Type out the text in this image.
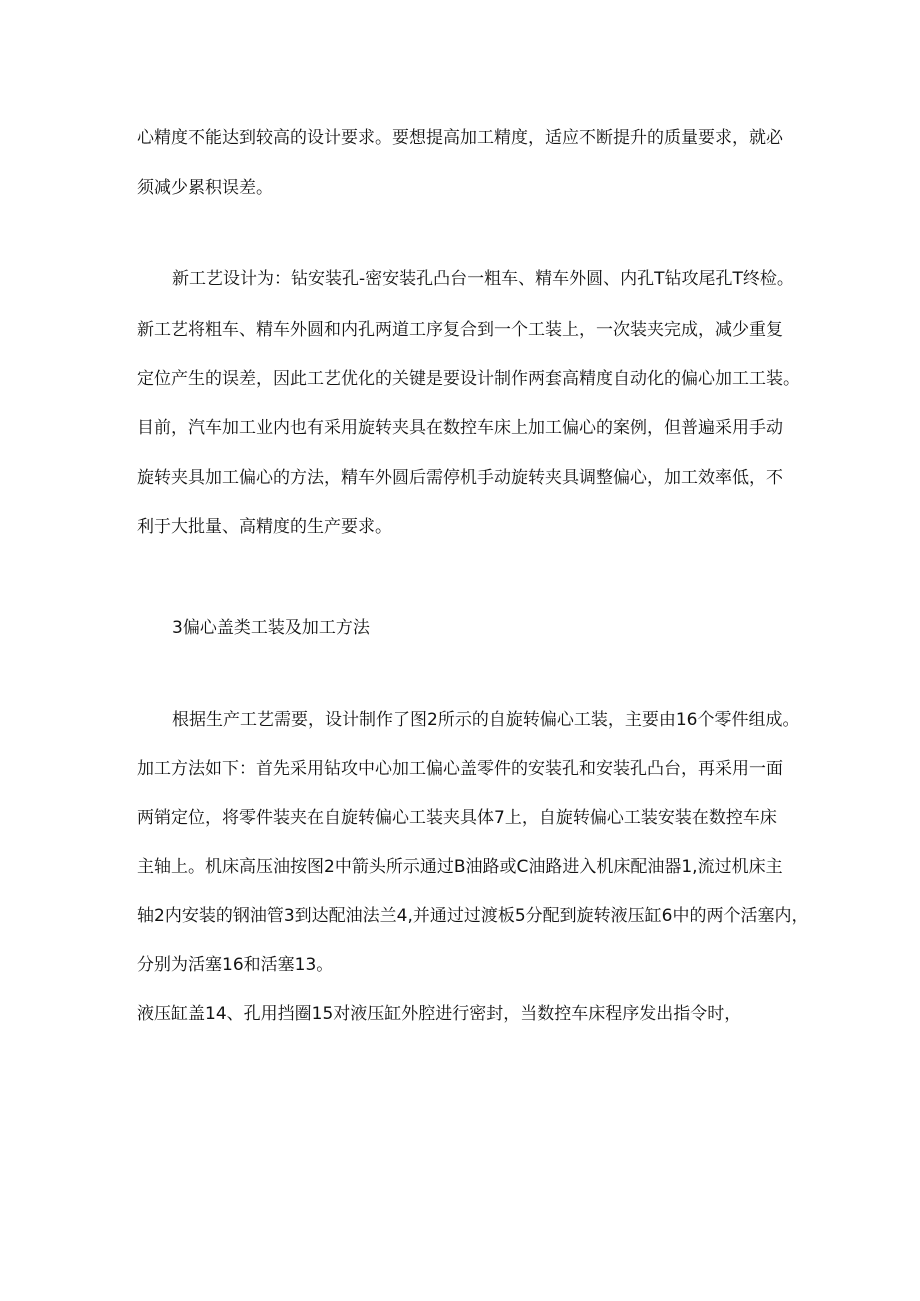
心精度不能达到较高的设计要求。要想提高加工精度，适应不断提升的质量要求，就必
须减少累积误差。
新工艺设计为：钻安装孔-密安装孔凸台一粗车、精车外圆、内孔T钻攻尾孔T终检。
新工艺将粗车、精车外圆和内孔两道工序复合到一个工装上，一次装夹完成，减少重复
定位产生的误差，因此工艺优化的关键是要设计制作两套高精度自动化的偏心加工工装。
目前，汽车加工业内也有采用旋转夹具在数控车床上加工偏心的案例，但普遍采用手动
旋转夹具加工偏心的方法，精车外圆后需停机手动旋转夹具调整偏心，加工效率低，不
利于大批量、高精度的生产要求。
3偏心盖类工装及加工方法
根据生产工艺需要，设计制作了图2所示的自旋转偏心工装，主要由16个零件组成。
加工方法如下：首先采用钻攻中心加工偏心盖零件的安装孔和安装孔凸台，再采用一面
两销定位，将零件装夹在自旋转偏心工装夹具体7上，自旋转偏心工装安装在数控车床
主轴上。机床高压油按图2中箭头所示通过B油路或C油路进入机床配油器1,流过机床主
轴2内安装的钢油管3到达配油法兰4,并通过过渡板5分配到旋转液压缸6中的两个活塞内，
分别为活塞16和活塞13。
液压缸盖14、孔用挡圈15对液压缸外腔进行密封，当数控车床程序发出指令时，
